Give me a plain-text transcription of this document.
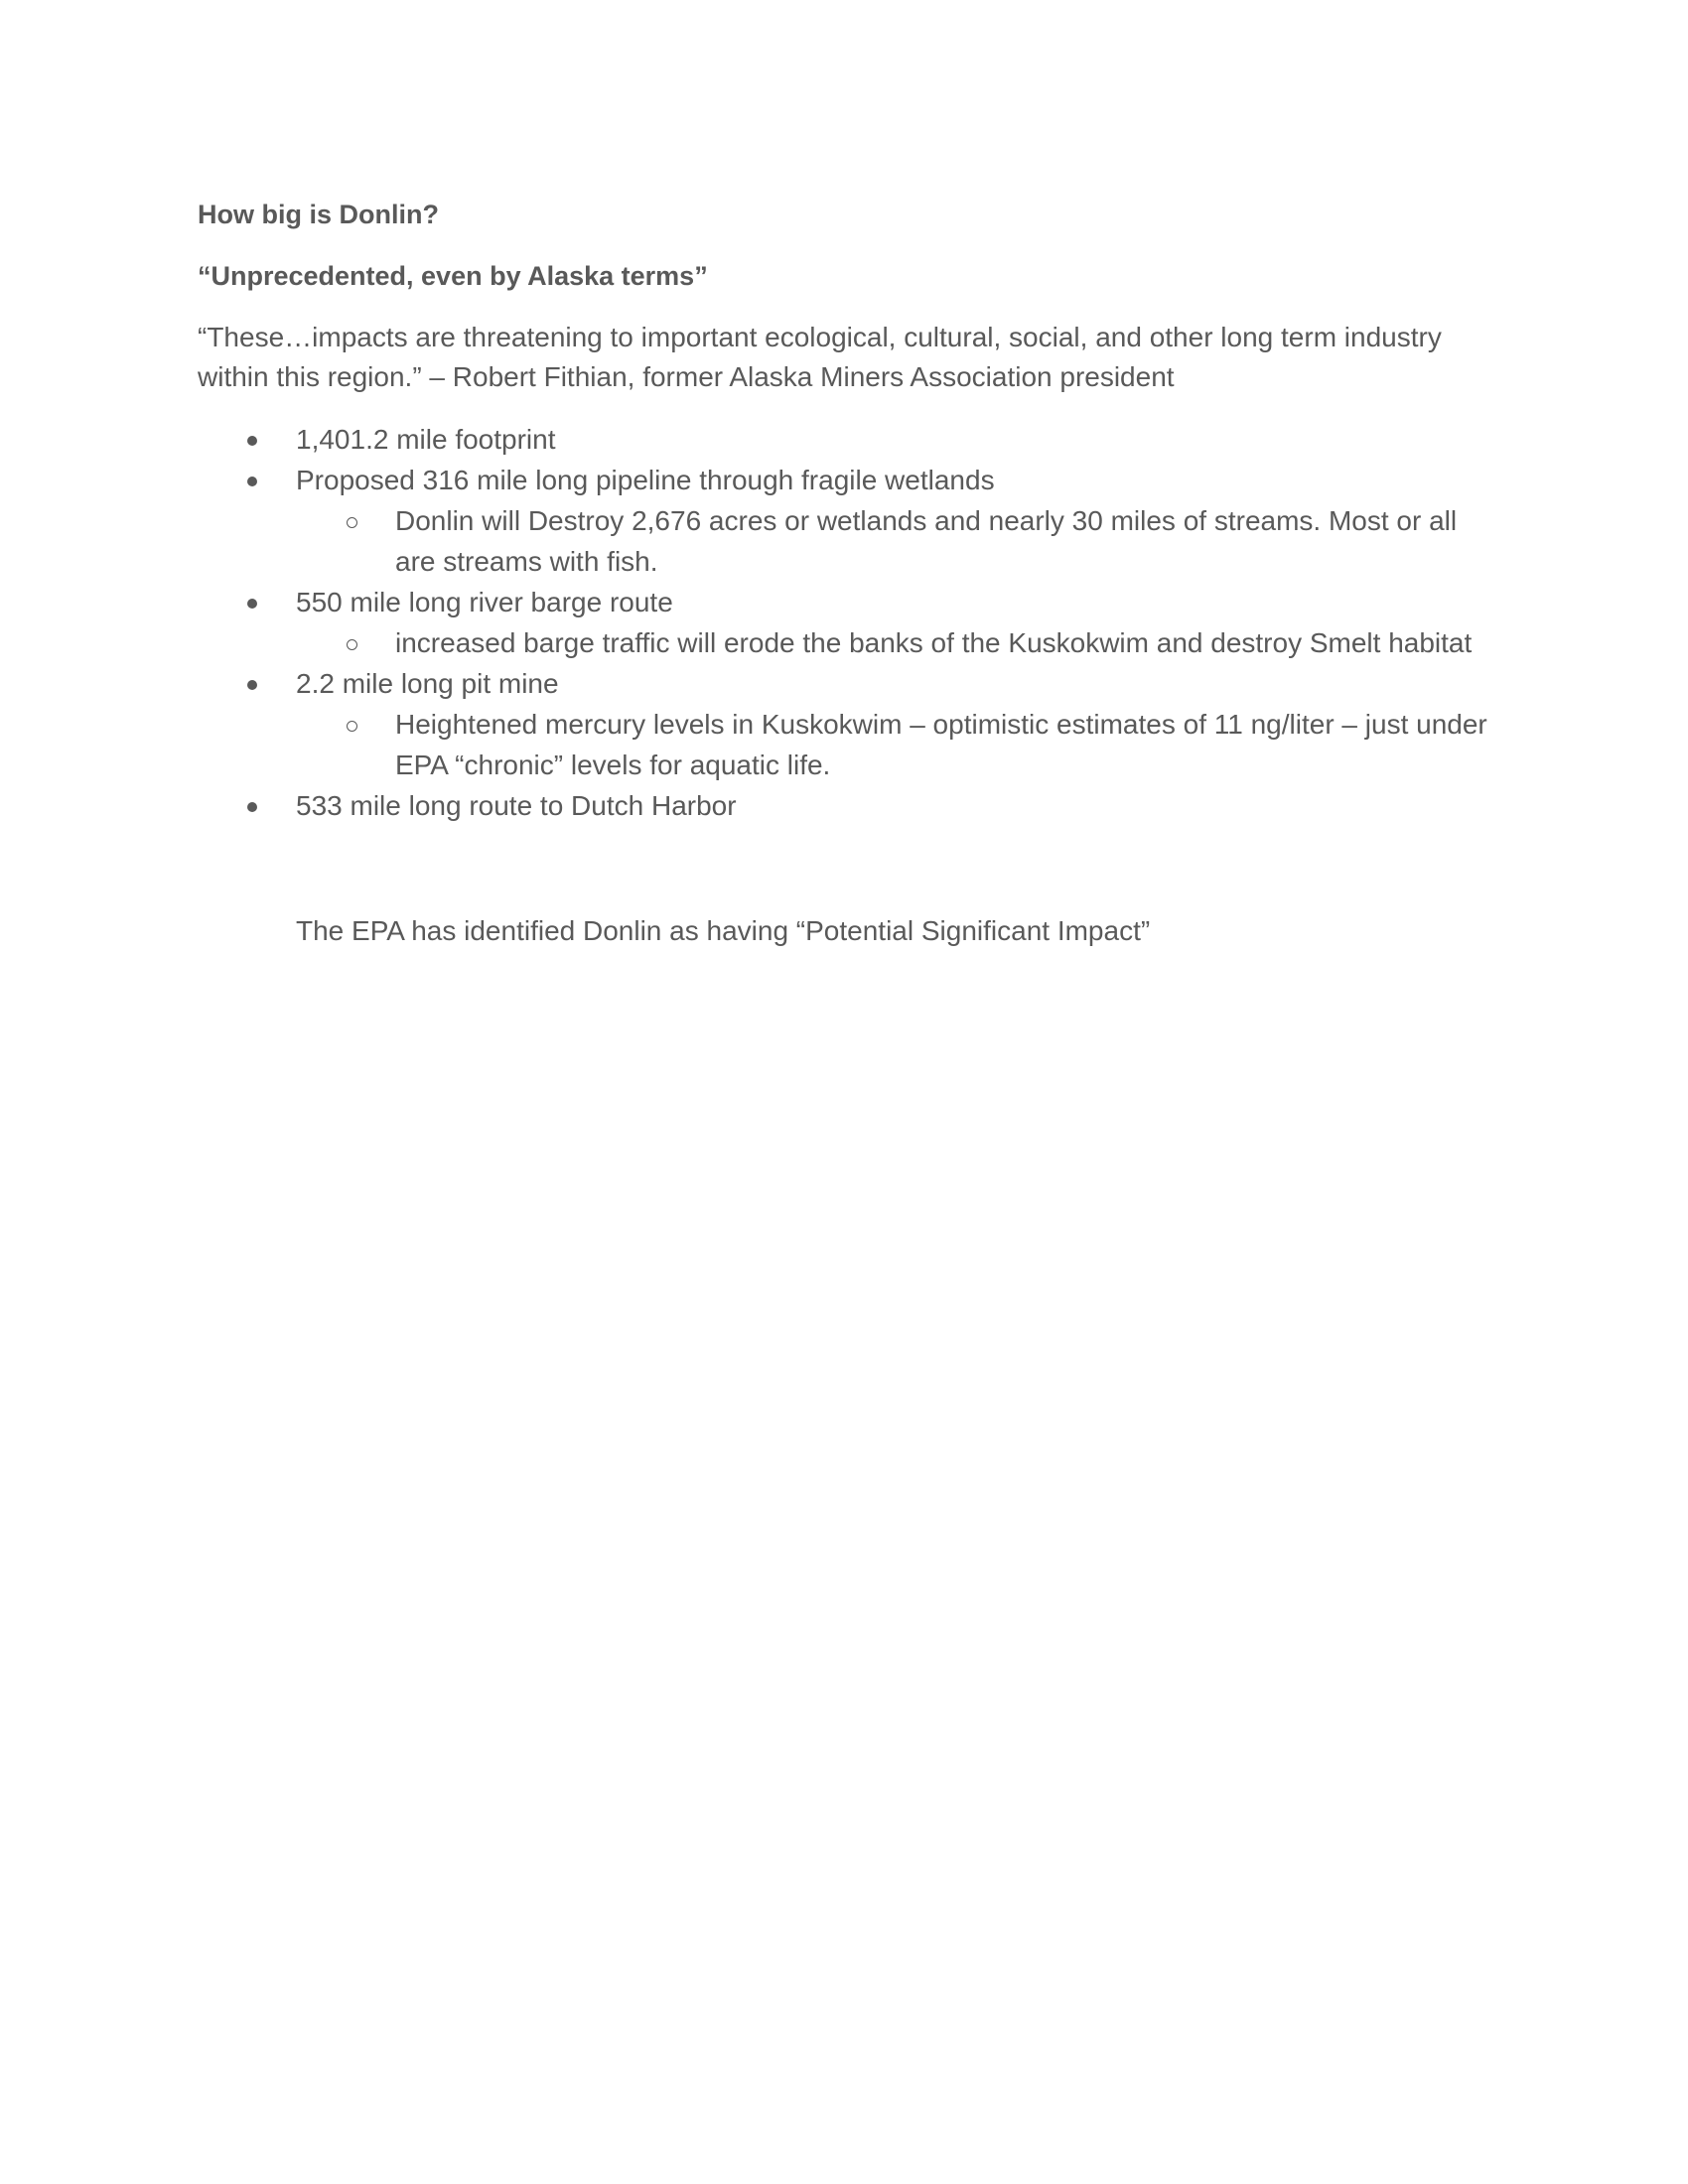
How big is Donlin?
“Unprecedented, even by Alaska terms”
“These…impacts are threatening to important ecological, cultural, social, and other long term industry within this region.” – Robert Fithian, former Alaska Miners Association president
1,401.2 mile footprint
Proposed 316 mile long pipeline through fragile wetlands
Donlin will Destroy 2,676 acres or wetlands and nearly 30 miles of streams. Most or all are streams with fish.
550 mile long river barge route
increased barge traffic will erode the banks of the Kuskokwim and destroy Smelt habitat
2.2 mile long pit mine
Heightened mercury levels in Kuskokwim – optimistic estimates of 11 ng/liter – just under EPA “chronic” levels for aquatic life.
533 mile long route to Dutch Harbor
The EPA has identified Donlin as having “Potential Significant Impact”
